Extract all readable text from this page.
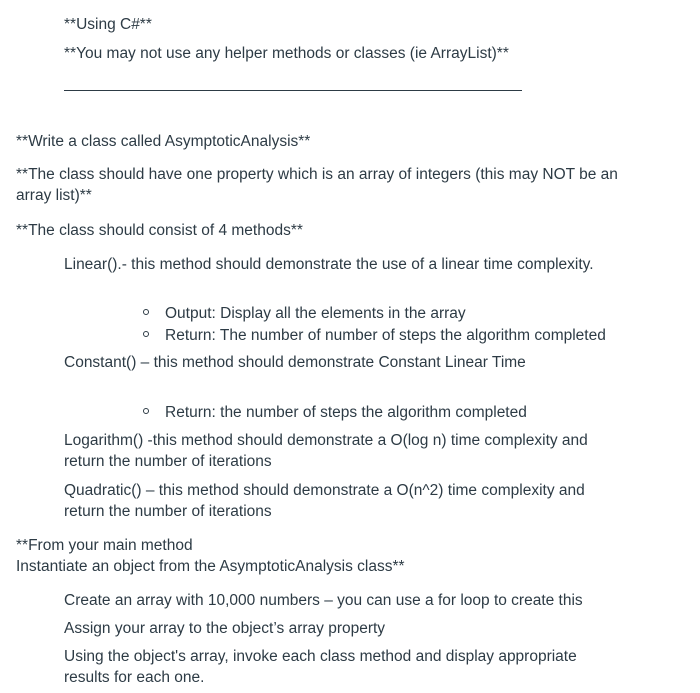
**Using C#**
**You may not use any helper methods or classes (ie ArrayList)**
**Write a class called AsymptoticAnalysis**
**The class should have one property which is an array of integers (this may NOT be an
array list)**
**The class should consist of 4 methods**
Linear().- this method should demonstrate the use of a linear time complexity.
Output: Display all the elements in the array
Return: The number of number of steps the algorithm completed
Constant() – this method should demonstrate Constant Linear Time
Return: the number of steps the algorithm completed
Logarithm() -this method should demonstrate a O(log n) time complexity and
return the number of iterations
Quadratic() – this method should demonstrate a O(n^2) time complexity and
return the number of iterations
**From your main method
Instantiate an object from the AsymptoticAnalysis class**
Create an array with 10,000 numbers – you can use a for loop to create this
Assign your array to the object’s array property
Using the object's array, invoke each class method and display appropriate
results for each one.
